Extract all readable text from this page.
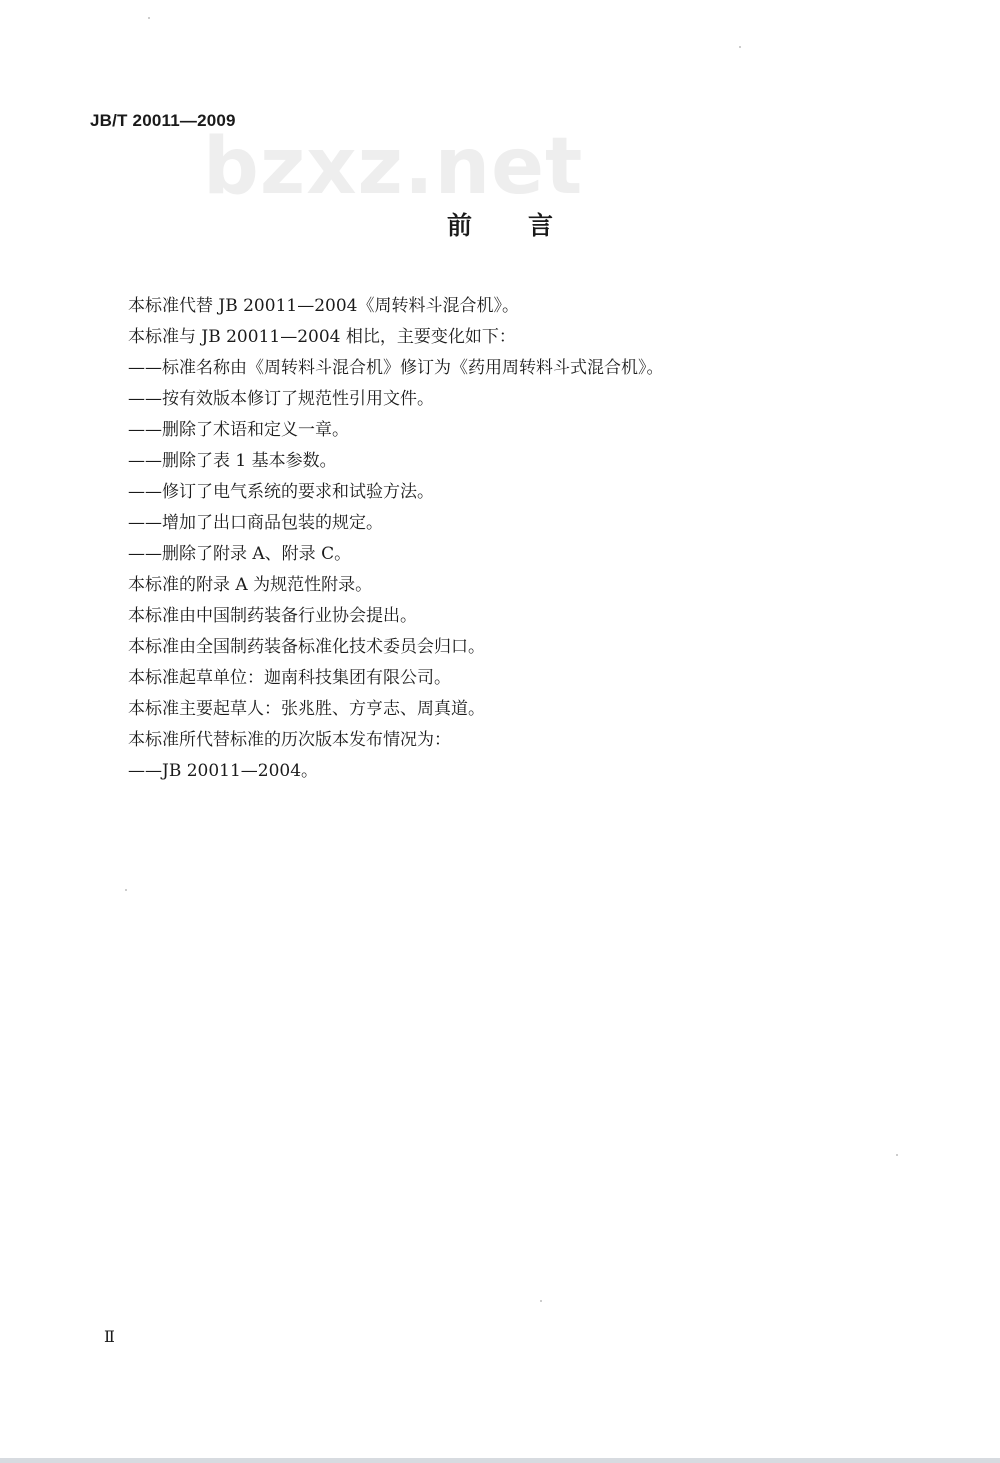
JB/T 20011—2009
bzxz.net
前言
本标准代替 JB 20011—2004《周转料斗混合机》。
本标准与 JB 20011—2004 相比，主要变化如下：
——标准名称由《周转料斗混合机》修订为《药用周转料斗式混合机》。
——按有效版本修订了规范性引用文件。
——删除了术语和定义一章。
——删除了表 1 基本参数。
——修订了电气系统的要求和试验方法。
——增加了出口商品包装的规定。
——删除了附录 A、附录 C。
本标准的附录 A 为规范性附录。
本标准由中国制药装备行业协会提出。
本标准由全国制药装备标准化技术委员会归口。
本标准起草单位：迦南科技集团有限公司。
本标准主要起草人：张兆胜、方亨志、周真道。
本标准所代替标准的历次版本发布情况为：
——JB 20011—2004。
Ⅱ
